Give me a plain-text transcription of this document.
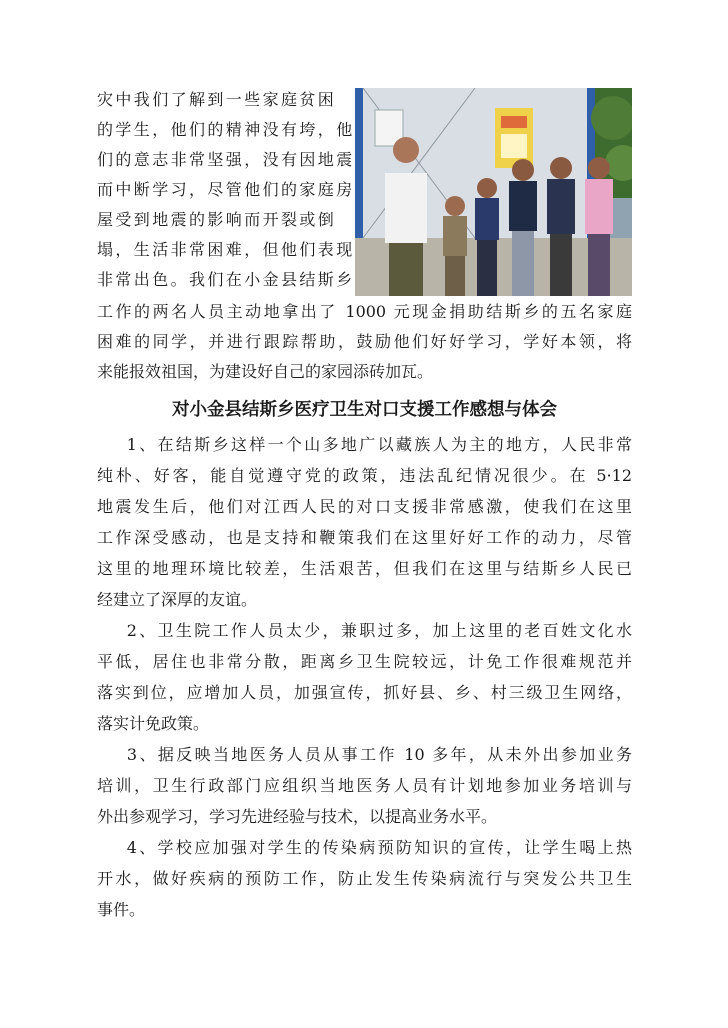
灾中我们了解到一些家庭贫困
的学生，他们的精神没有垮，他
们的意志非常坚强，没有因地震
而中断学习，尽管他们的家庭房
屋受到地震的影响而开裂或倒
塌，生活非常困难，但他们表现
非常出色。我们在小金县结斯乡
工作的两名人员主动地拿出了 1000 元现金捐助结斯乡的五名家庭
困难的同学，并进行跟踪帮助，鼓励他们好好学习，学好本领，将
来能报效祖国，为建设好自己的家园添砖加瓦。
对小金县结斯乡医疗卫生对口支援工作感想与体会
1、在结斯乡这样一个山多地广以藏族人为主的地方，人民非常
纯朴、好客，能自觉遵守党的政策，违法乱纪情况很少。在 5·12
地震发生后，他们对江西人民的对口支援非常感激，使我们在这里
工作深受感动，也是支持和鞭策我们在这里好好工作的动力，尽管
这里的地理环境比较差，生活艰苦，但我们在这里与结斯乡人民已
经建立了深厚的友谊。
2、卫生院工作人员太少，兼职过多，加上这里的老百姓文化水
平低，居住也非常分散，距离乡卫生院较远，计免工作很难规范并
落实到位，应增加人员，加强宣传，抓好县、乡、村三级卫生网络，
落实计免政策。
3、据反映当地医务人员从事工作 10 多年，从未外出参加业务
培训，卫生行政部门应组织当地医务人员有计划地参加业务培训与
外出参观学习，学习先进经验与技术，以提高业务水平。
4、学校应加强对学生的传染病预防知识的宣传，让学生喝上热
开水，做好疾病的预防工作，防止发生传染病流行与突发公共卫生
事件。
